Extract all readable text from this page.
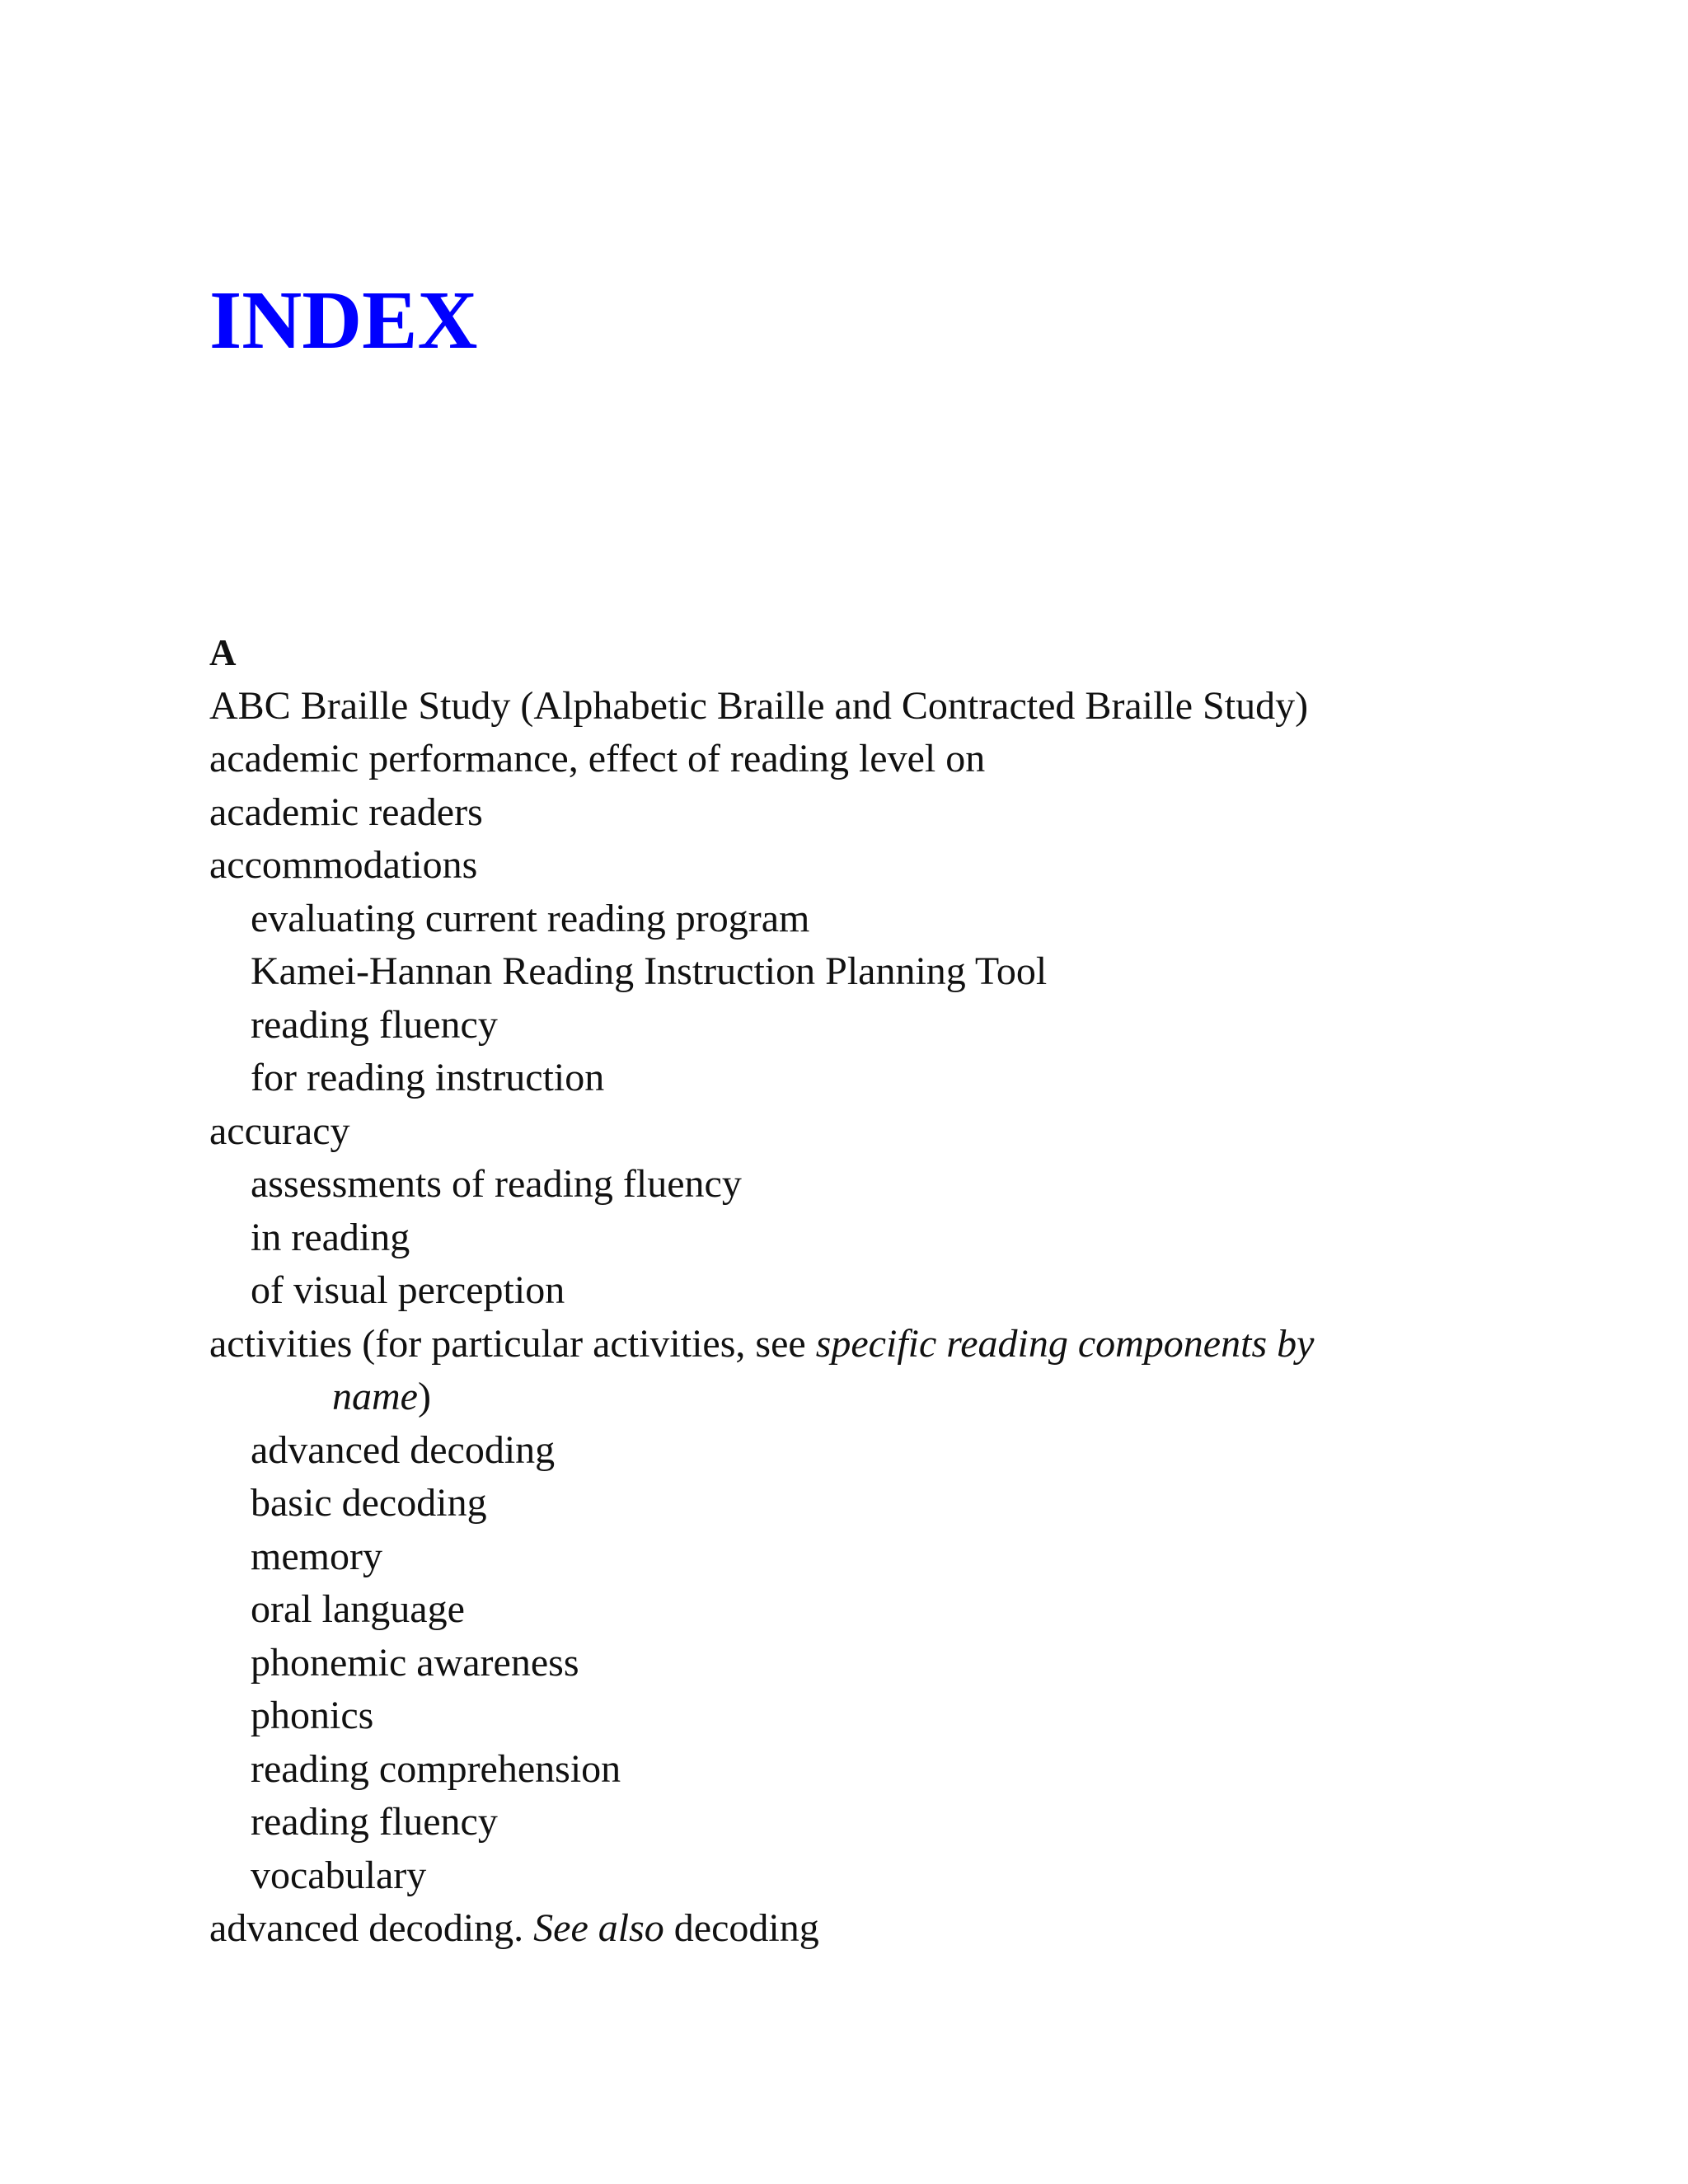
INDEX
A
ABC Braille Study (Alphabetic Braille and Contracted Braille Study)
academic performance, effect of reading level on
academic readers
accommodations
evaluating current reading program
Kamei-Hannan Reading Instruction Planning Tool
reading fluency
for reading instruction
accuracy
assessments of reading fluency
in reading
of visual perception
activities (for particular activities, see specific reading components by
name)
advanced decoding
basic decoding
memory
oral language
phonemic awareness
phonics
reading comprehension
reading fluency
vocabulary
advanced decoding. See also decoding
